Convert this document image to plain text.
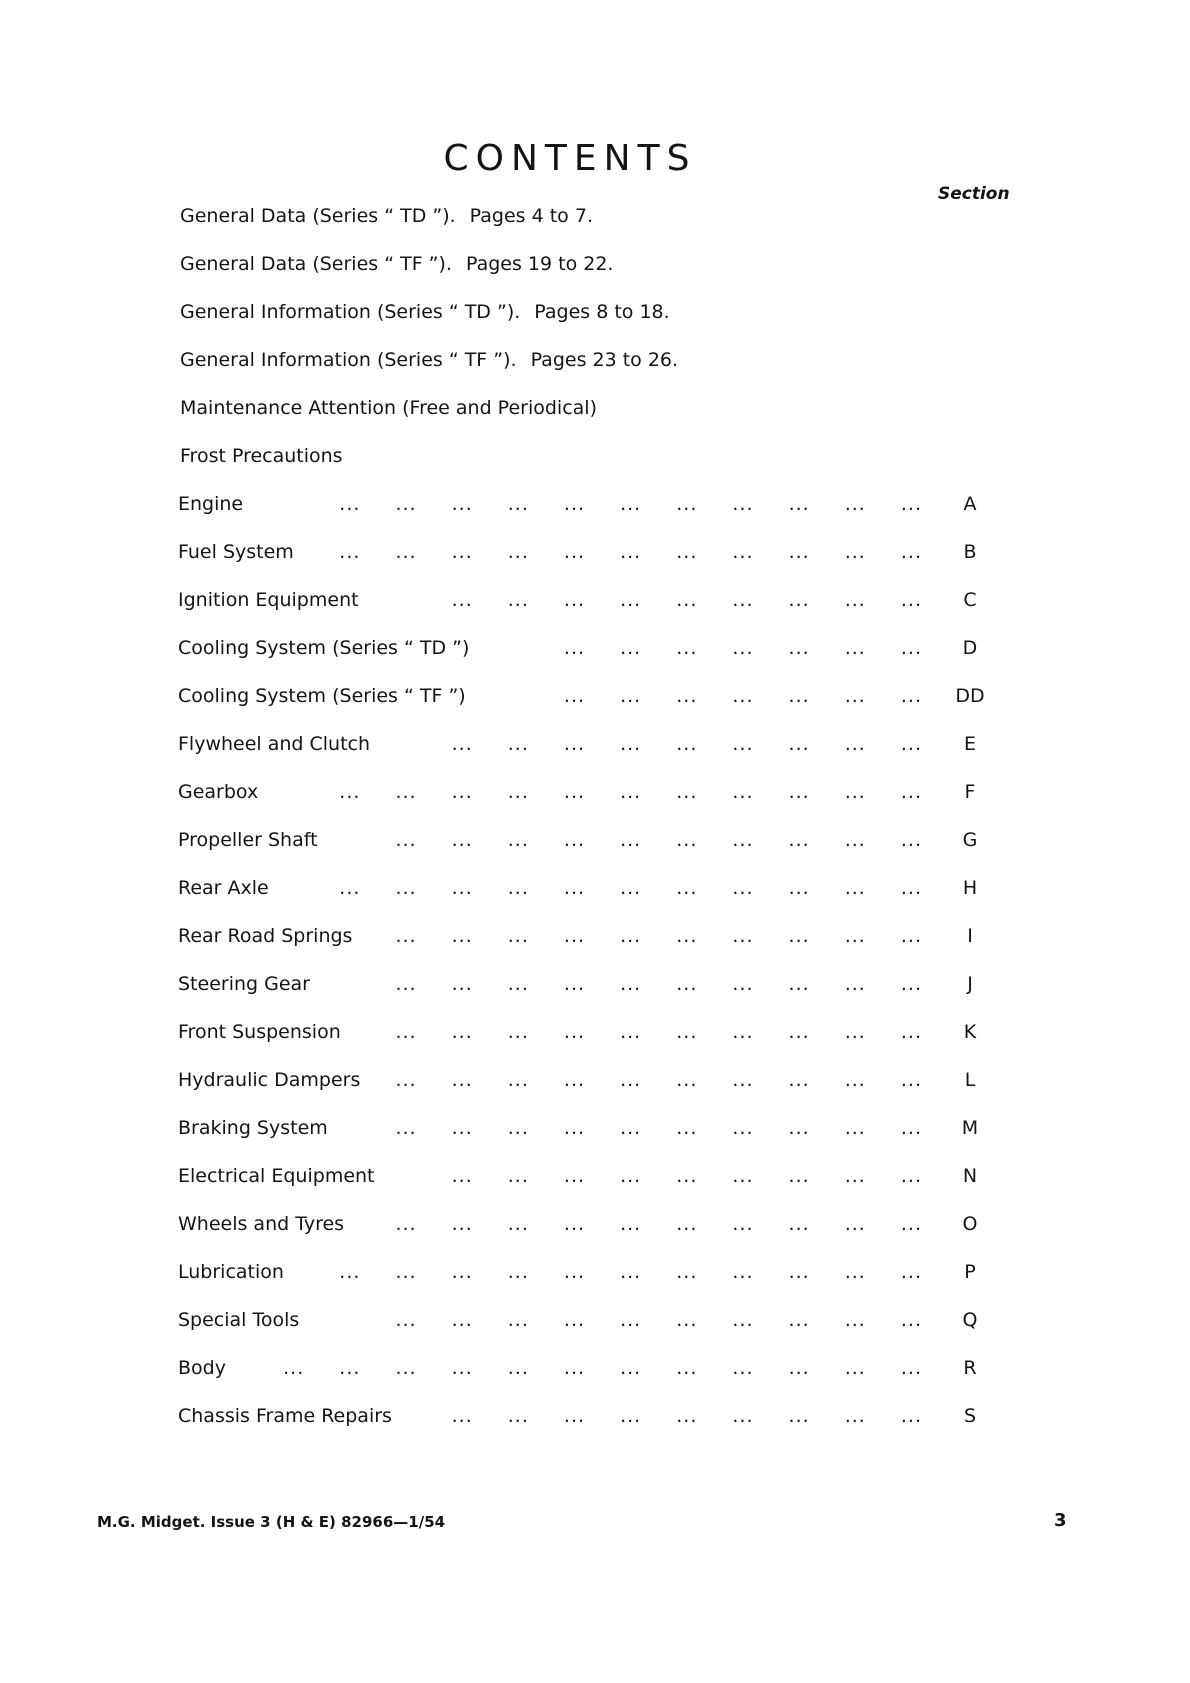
CONTENTS
Section
General Data (Series “ TD ”). Pages 4 to 7.
General Data (Series “ TF ”). Pages 19 to 22.
General Information (Series “ TD ”). Pages 8 to 18.
General Information (Series “ TF ”). Pages 23 to 26.
Maintenance Attention (Free and Periodical)
Frost Precautions
Engine	... ... ... ... ... ... ... ... ... ... ...	A
Fuel System ... ... ... ... ... ... ... ... ... ... ...	B
Ignition Equipment	... ... ... ... ... ... ... ... ...	C
Cooling System (Series “ TD ”)	... ... ... ... ... ... ...	D
Cooling System (Series “ TF ”)	... ... ... ... ... ... ... DD
Flywheel and Clutch	... ... ... ... ... ... ... ... ...	E
Gearbox	... ... ... ... ... ... ... ... ... ... ...	F
Propeller Shaft	... ... ... ... ... ... ... ... ... ...	G
Rear Axle	... ... ... ... ... ... ... ... ... ... ...	H
Rear Road Springs ... ... ... ... ... ... ... ... ... ...	I
Steering Gear	... ... ... ... ... ... ... ... ... ...	J
Front Suspension	... ... ... ... ... ... ... ... ... ...	K
Hydraulic Dampers ... ... ... ... ... ... ... ... ... ...	L
Braking System	... ... ... ... ... ... ... ... ... ...	M
Electrical Equipment	... ... ... ... ... ... ... ... ...	N
Wheels and Tyres	... ... ... ... ... ... ... ... ... ...	O
Lubrication	... ... ... ... ... ... ... ... ... ... ...	P
Special Tools	... ... ... ... ... ... ... ... ... ...	Q
Body	... ... ... ... ... ... ... ... ... ... ... ...	R
Chassis Frame Repairs	... ... ... ... ... ... ... ... ...	S
M.G. Midget. Issue 3 (H & E) 82966—1/54	3
